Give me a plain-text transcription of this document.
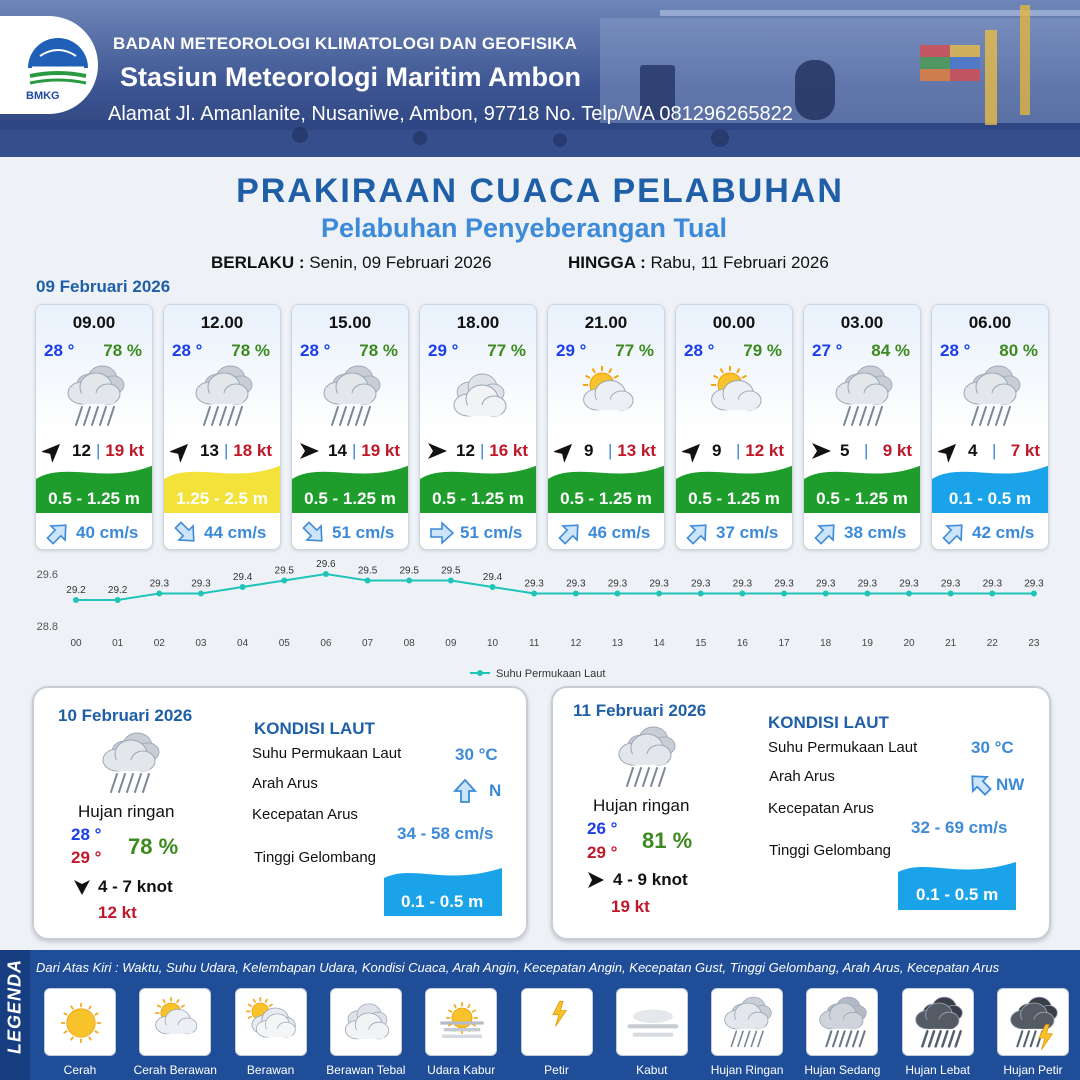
BMKG
BADAN METEOROLOGI KLIMATOLOGI DAN GEOFISIKA
Stasiun Meteorologi Maritim Ambon
Alamat Jl. Amanlanite, Nusaniwe, Ambon, 97718 No. Telp/WA 081296265822
PRAKIRAAN CUACA PELABUHAN
Pelabuhan Penyeberangan Tual
BERLAKU : Senin, 09 Februari 2026	HINGGA : Rabu, 11 Februari 2026
09 Februari 2026
09.00
28 ° 78 %
12 | 19 kt
0.5 - 1.25 m
40 cm/s
12.00
28 ° 78 %
13 | 18 kt
1.25 - 2.5 m
44 cm/s
15.00
28 ° 78 %
14 | 19 kt
0.5 - 1.25 m
51 cm/s
18.00
29 ° 77 %
12 | 16 kt
0.5 - 1.25 m
51 cm/s
21.00
29 ° 77 %
9 | 13 kt
0.5 - 1.25 m
46 cm/s
00.00
28 ° 79 %
9 | 12 kt
0.5 - 1.25 m
37 cm/s
03.00
27 ° 84 %
5 | 9 kt
0.5 - 1.25 m
38 cm/s
06.00
28 ° 80 %
4 | 7 kt
0.1 - 0.5 m
42 cm/s
29.6
28.8
29.2
00
29.2
01
29.3
02
29.3
03
29.4
04
29.5
05
29.6
06
29.5
07
29.5
08
29.5
09
29.4
10
29.3
11
29.3
12
29.3
13
29.3
14
29.3
15
29.3
16
29.3
17
29.3
18
29.3
19
29.3
20
29.3
21
29.3
22
29.3
23
Suhu Permukaan Laut
10 Februari 2026
Hujan ringan
28 °
29 ° 78 %
4 - 7 knot
12 kt
KONDISI LAUT
Suhu Permukaan Laut	30 °C
Arah Arus	N
Kecepatan Arus
34 - 58 cm/s
Tinggi Gelombang
0.1 - 0.5 m
11 Februari 2026
Hujan ringan
26 °
29 ° 81 %
4 - 9 knot
19 kt
KONDISI LAUT
Suhu Permukaan Laut	30 °C
Arah Arus	NW
Kecepatan Arus
32 - 69 cm/s
Tinggi Gelombang
0.1 - 0.5 m
LEGENDA Dari Atas Kiri : Waktu, Suhu Udara, Kelembapan Udara, Kondisi Cuaca, Arah Angin, Kecepatan Angin, Kecepatan Gust, Tinggi Gelombang, Arah Arus, Kecepatan Arus
Cerah	Cerah Berawan	Berawan	Berawan Tebal	Udara Kabur	Petir	Kabut	Hujan Ringan	Hujan Sedang	Hujan Lebat	Hujan Petir
